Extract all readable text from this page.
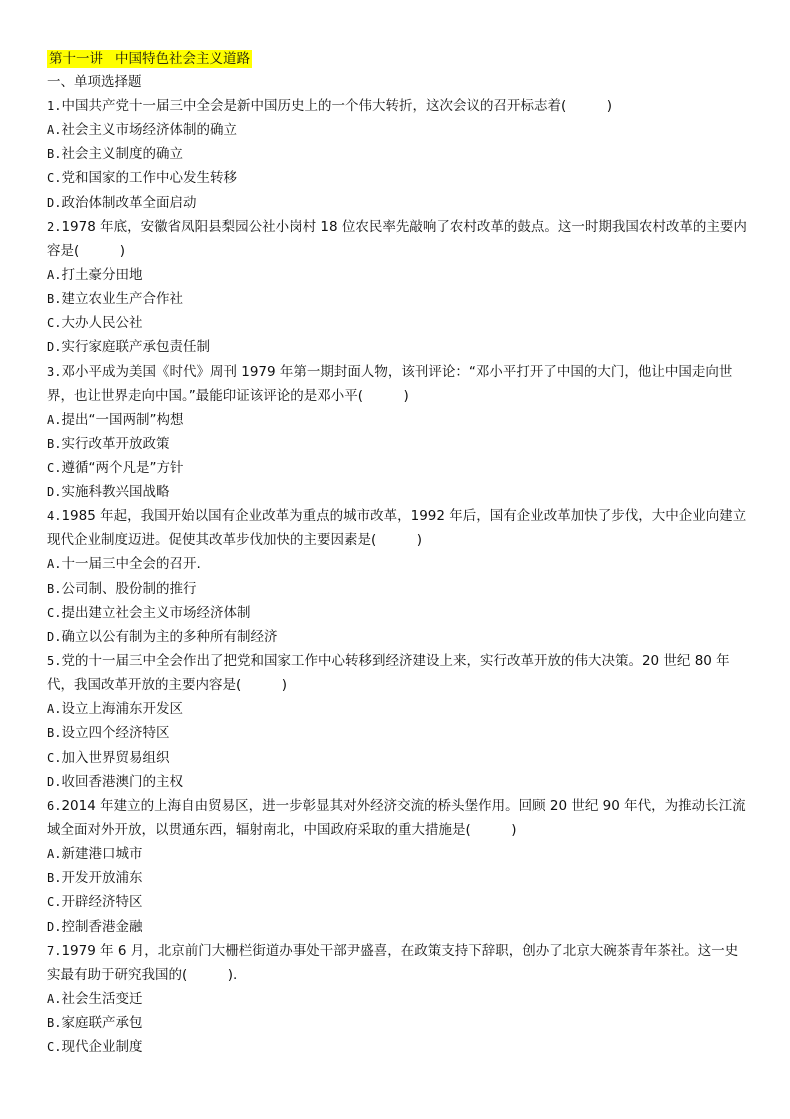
第十一讲 中国特色社会主义道路
一、单项选择题
1.中国共产党十一届三中全会是新中国历史上的一个伟大转折，这次会议的召开标志着(　　　)
A.社会主义市场经济体制的确立
B.社会主义制度的确立
C.党和国家的工作中心发生转移
D.政治体制改革全面启动
2.1978 年底，安徽省凤阳县梨园公社小岗村 18 位农民率先敲响了农村改革的鼓点。这一时期我国农村改革的主要内容是(　　　)
A.打土豪分田地
B.建立农业生产合作社
C.大办人民公社
D.实行家庭联产承包责任制
3.邓小平成为美国《时代》周刊 1979 年第一期封面人物，该刊评论：“邓小平打开了中国的大门，他让中国走向世界，也让世界走向中国。”最能印证该评论的是邓小平(　　　)
A.提出“一国两制”构想
B.实行改革开放政策
C.遵循“两个凡是”方针
D.实施科教兴国战略
4.1985 年起，我国开始以国有企业改革为重点的城市改革，1992 年后，国有企业改革加快了步伐，大中企业向建立现代企业制度迈进。促使其改革步伐加快的主要因素是(　　　)
A.十一届三中全会的召开.
B.公司制、股份制的推行
C.提出建立社会主义市场经济体制
D.确立以公有制为主的多种所有制经济
5.党的十一届三中全会作出了把党和国家工作中心转移到经济建设上来，实行改革开放的伟大决策。20 世纪 80 年代，我国改革开放的主要内容是(　　　)
A.设立上海浦东开发区
B.设立四个经济特区
C.加入世界贸易组织
D.收回香港澳门的主权
6.2014 年建立的上海自由贸易区，进一步彰显其对外经济交流的桥头堡作用。回顾 20 世纪 90 年代，为推动长江流域全面对外开放，以贯通东西，辐射南北，中国政府采取的重大措施是(　　　)
A.新建港口城市
B.开发开放浦东
C.开辟经济特区
D.控制香港金融
7.1979 年 6 月，北京前门大栅栏街道办事处干部尹盛喜，在政策支持下辞职，创办了北京大碗茶青年茶社。这一史实最有助于研究我国的(　　　).
A.社会生活变迁
B.家庭联产承包
C.现代企业制度
